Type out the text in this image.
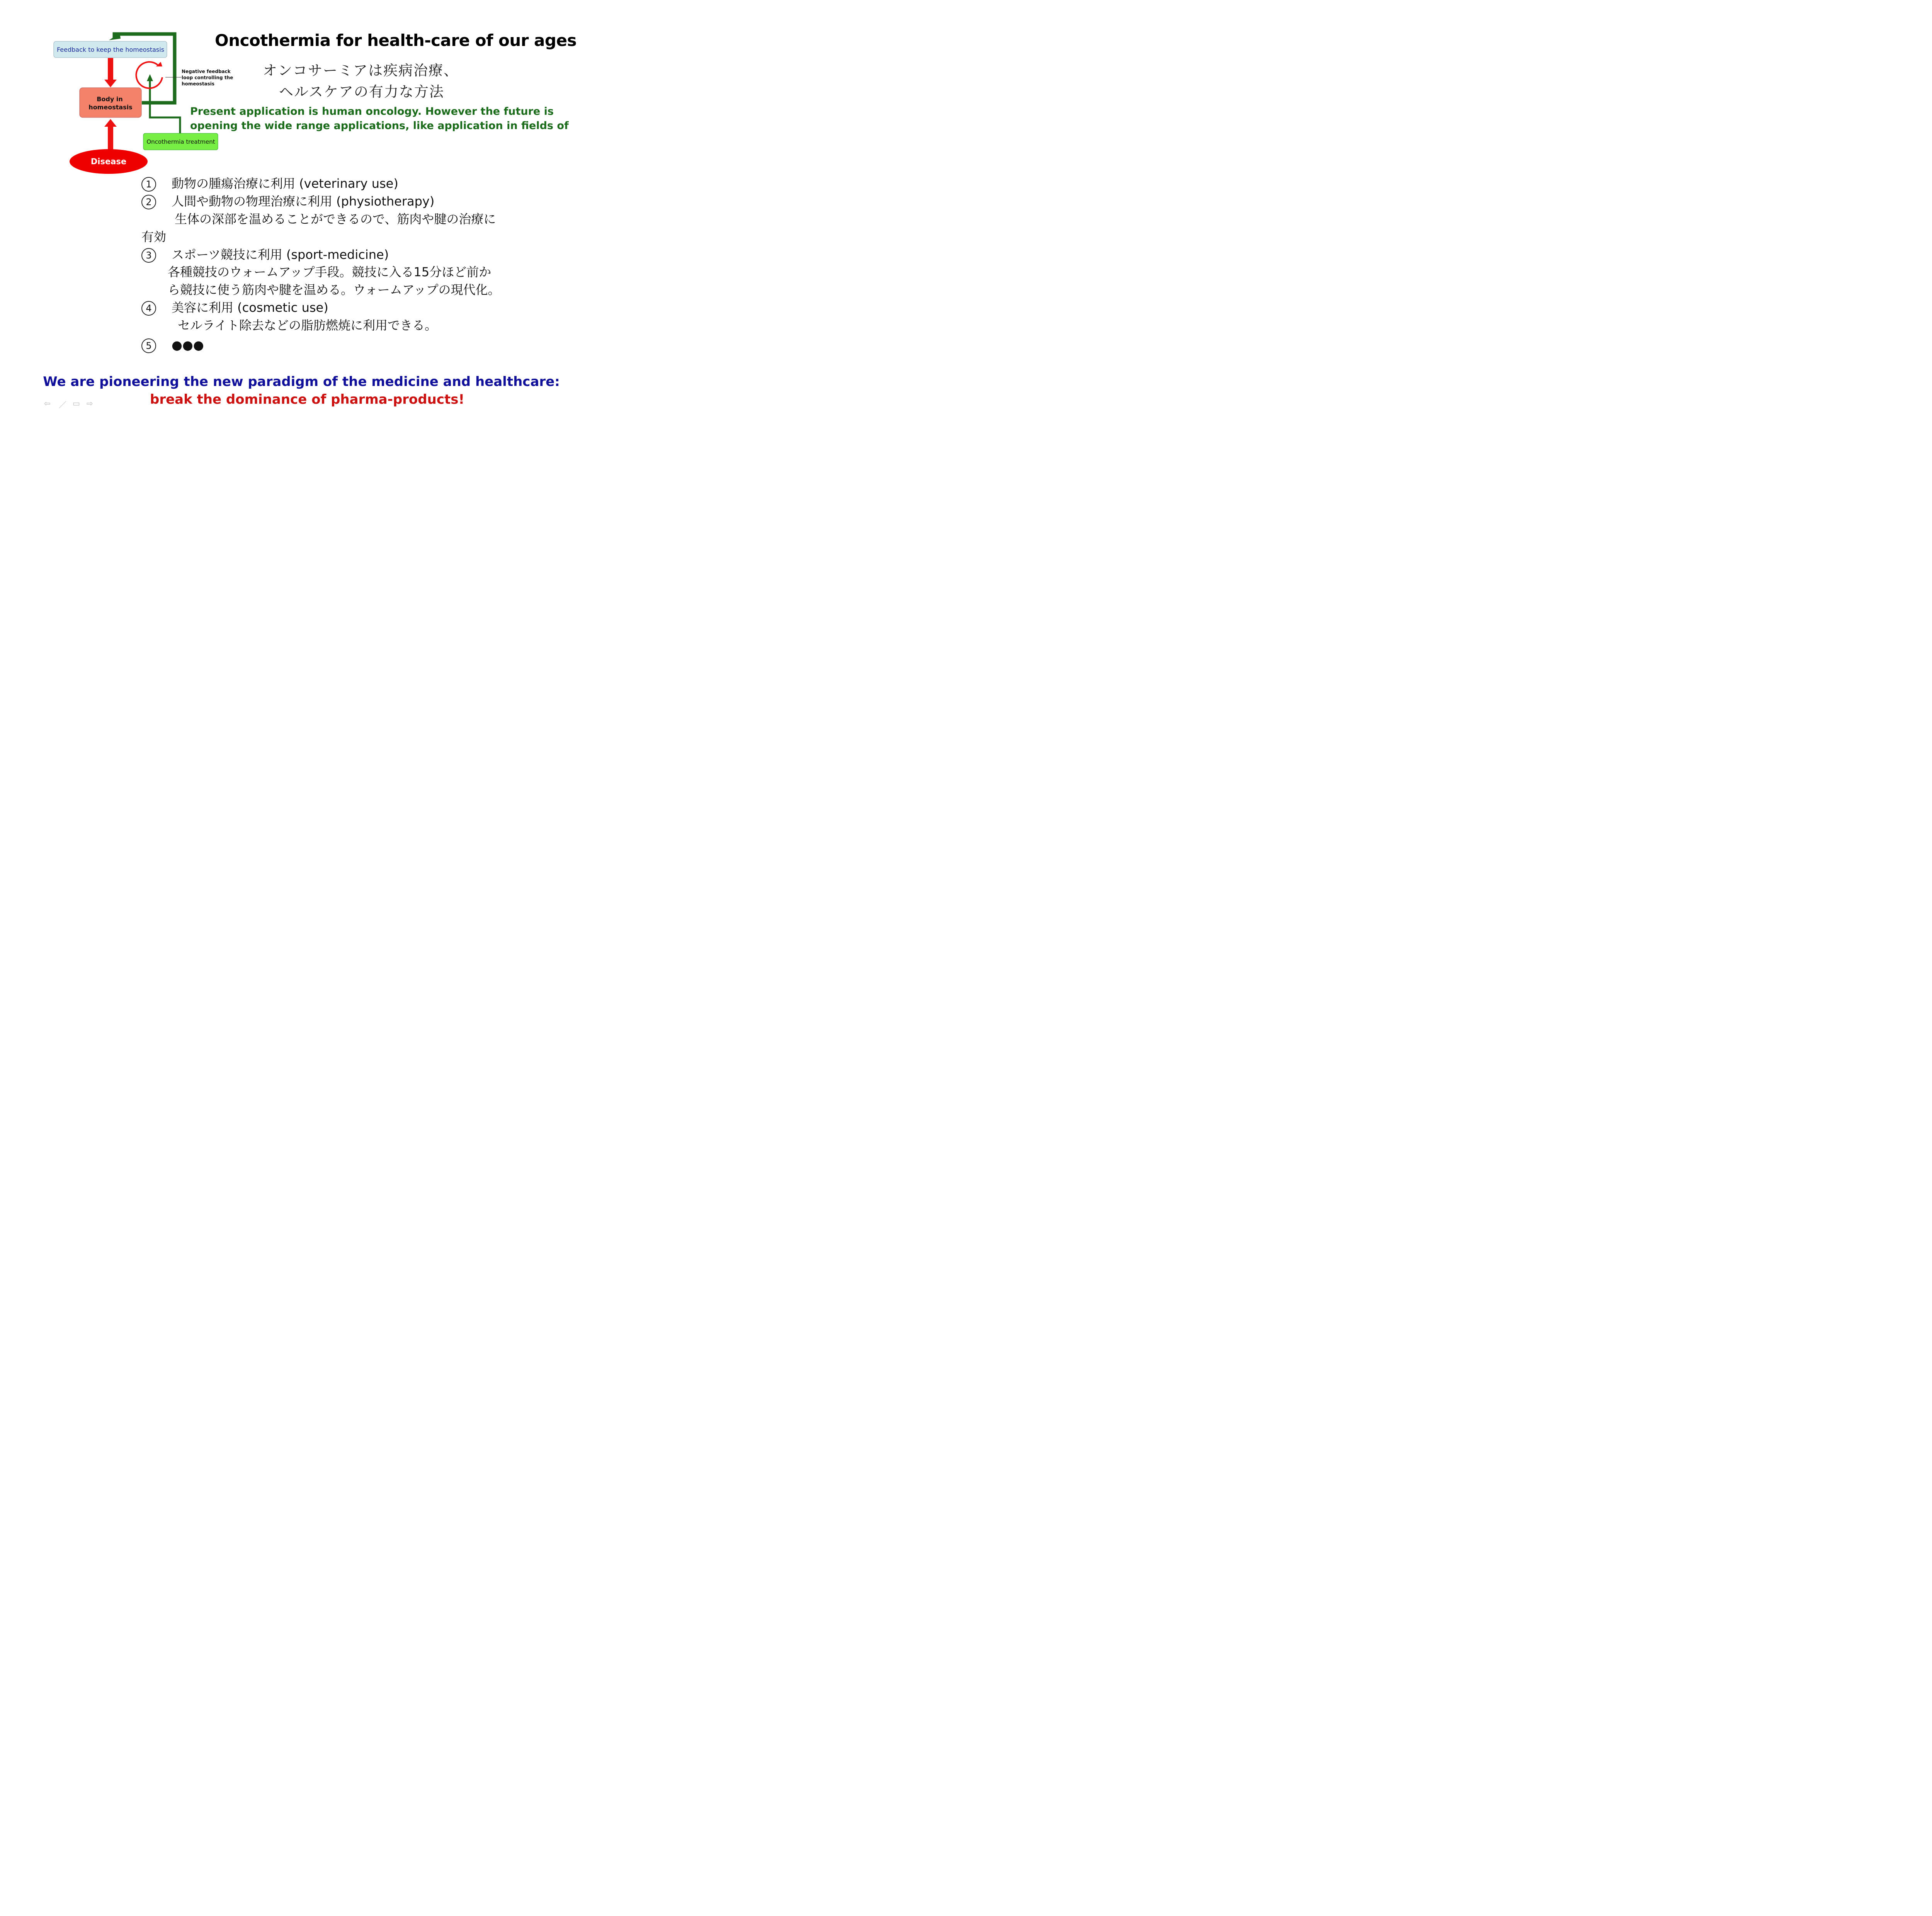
Feedback to keep the homeostasis
Body in
homeostasis
Disease
Oncothermia treatment
Negative feedback
loop controlling the
homeostasis
Oncothermia for health-care of our ages
オンコサーミアは疾病治療、
ヘルスケアの有力な方法
Present application is human oncology. However the future is
opening the wide range applications, like application in fields of
1 動物の腫瘍治療に利用 (veterinary use)
2 人間や動物の物理治療に利用 (physiotherapy)
生体の深部を温めることができるので、筋肉や腱の治療に
有効
3 スポーツ競技に利用 (sport-medicine)
各種競技のウォームアップ手段。競技に入る15分ほど前か
ら競技に使う筋肉や腱を温める。ウォームアップの現代化。
4 美容に利用 (cosmetic use)
セルライト除去などの脂肪燃焼に利用できる。
5 ●●●
We are pioneering the new paradigm of the medicine and healthcare:
break the dominance of pharma-products!
⇦ ／ ▭ ⇨
